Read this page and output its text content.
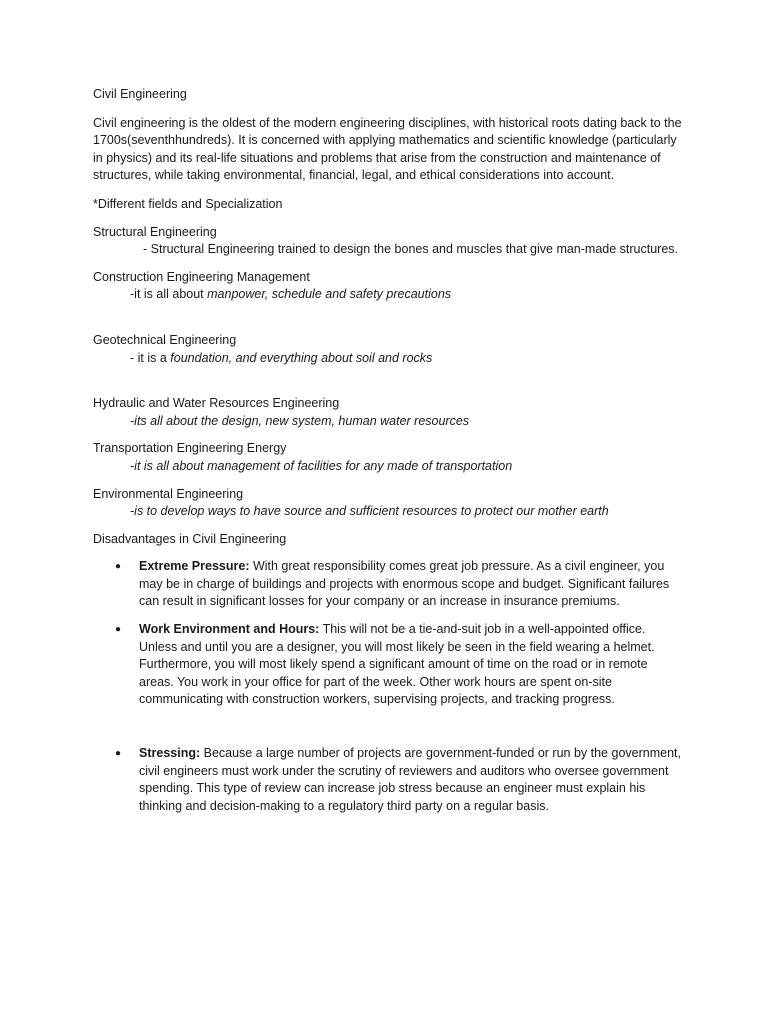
Civil Engineering

Civil engineering is the oldest of the modern engineering disciplines, with historical roots dating back to the 1700s(seventhhundreds). It is concerned with applying mathematics and scientific knowledge (particularly in physics) and its real-life situations and problems that arise from the construction and maintenance of structures, while taking environmental, financial, legal, and ethical considerations into account.

*Different fields and Specialization

Structural Engineering

- Structural Engineering trained to design the bones and muscles that give man-made structures.

Construction Engineering Management

-it is all about manpower, schedule and safety precautions

Geotechnical Engineering

- it is a foundation, and everything about soil and rocks

Hydraulic and Water Resources Engineering

-its all about the design, new system, human water resources

Transportation Engineering Energy

-it is all about management of facilities for any made of transportation

Environmental Engineering

-is to develop ways to have source and sufficient resources to protect our mother earth

Disadvantages in Civil Engineering

● Extreme Pressure: With great responsibility comes great job pressure. As a civil engineer, you may be in charge of buildings and projects with enormous scope and budget. Significant failures can result in significant losses for your company or an increase in insurance premiums.
● Work Environment and Hours: This will not be a tie-and-suit job in a well-appointed office. Unless and until you are a designer, you will most likely be seen in the field wearing a helmet. Furthermore, you will most likely spend a significant amount of time on the road or in remote areas. You work in your office for part of the week. Other work hours are spent on-site communicating with construction workers, supervising projects, and tracking progress.
● Stressing: Because a large number of projects are government-funded or run by the government, civil engineers must work under the scrutiny of reviewers and auditors who oversee government spending. This type of review can increase job stress because an engineer must explain his thinking and decision-making to a regulatory third party on a regular basis.
